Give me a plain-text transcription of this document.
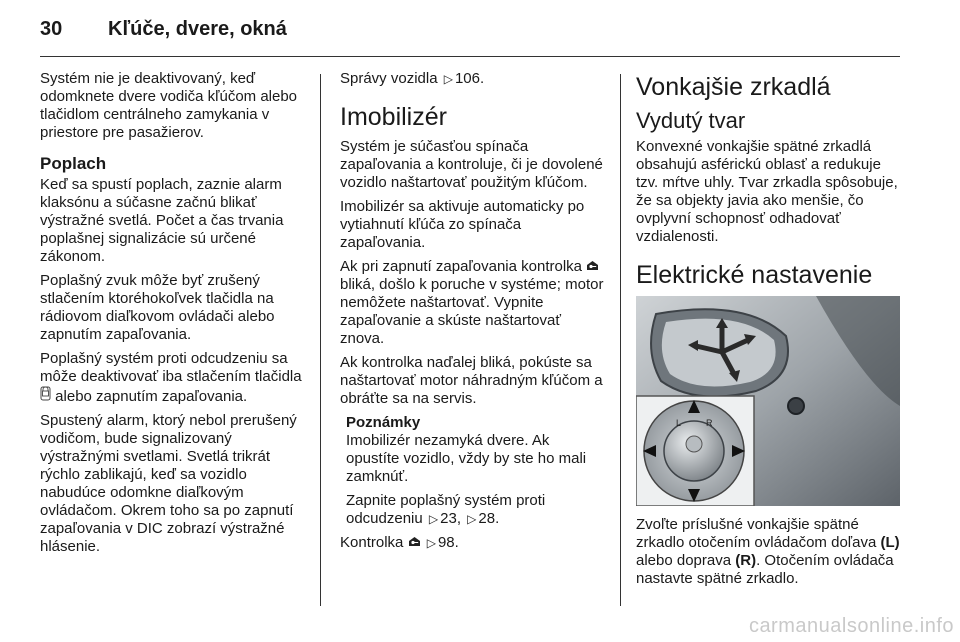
30	Kľúče, dvere, okná

Systém nie je deaktivovaný, keď odomknete dvere vodiča kľúčom alebo tlačidlom centrálneho zamykania v priestore pre pasažierov.

Poplach

Keď sa spustí poplach, zaznie alarm klaksónu a súčasne začnú blikať výstražné svetlá. Počet a čas trvania poplašnej signalizácie sú určené zákonom.

Poplašný zvuk môže byť zrušený stlačením ktoréhokoľvek tlačidla na rádiovom diaľkovom ovládači alebo zapnutím zapaľovania.

Poplašný systém proti odcudzeniu sa môže deaktivovať iba stlačením tlačidla  alebo zapnutím zapaľovania.

Spustený alarm, ktorý nebol prerušený vodičom, bude signalizovaný výstražnými svetlami. Svetlá trikrát rýchlo zablikajú, keď sa vozidlo nabudúce odomkne diaľkovým ovládačom. Okrem toho sa po zapnutí zapaľovania v DIC zobrazí výstražné hlásenie.

Správy vozidla ▷ 106.

Imobilizér

Systém je súčasťou spínača zapaľovania a kontroluje, či je dovolené vozidlo naštartovať použitým kľúčom.

Imobilizér sa aktivuje automaticky po vytiahnutí kľúča zo spínača zapaľovania.

Ak pri zapnutí zapaľovania kontrolka  bliká, došlo k poruche v systéme; motor nemôžete naštartovať. Vypnite zapaľovanie a skúste naštartovať znova.

Ak kontrolka naďalej bliká, pokúste sa naštartovať motor náhradným kľúčom a obráťte sa na servis.

Poznámky

Imobilizér nezamyká dvere. Ak opustíte vozidlo, vždy by ste ho mali zamknúť.

Zapnite poplašný systém proti odcudzeniu ▷ 23, ▷ 28.

Kontrolka ▷ 98.

Vonkajšie zrkadlá
Vydutý tvar

Konvexné vonkajšie spätné zrkadlá obsahujú asférickú oblasť a redukuje tzv. mŕtve uhly. Tvar zrkadla spôsobuje, že sa objekty javia ako menšie, čo ovplyvní schopnosť odhadovať vzdialenosti.

Elektrické nastavenie
L	R

Zvoľte príslušné vonkajšie spätné zrkadlo otočením ovládačom doľava (L) alebo doprava (R). Otočením ovládača nastavte spätné zrkadlo.

carmanualsonline.info
